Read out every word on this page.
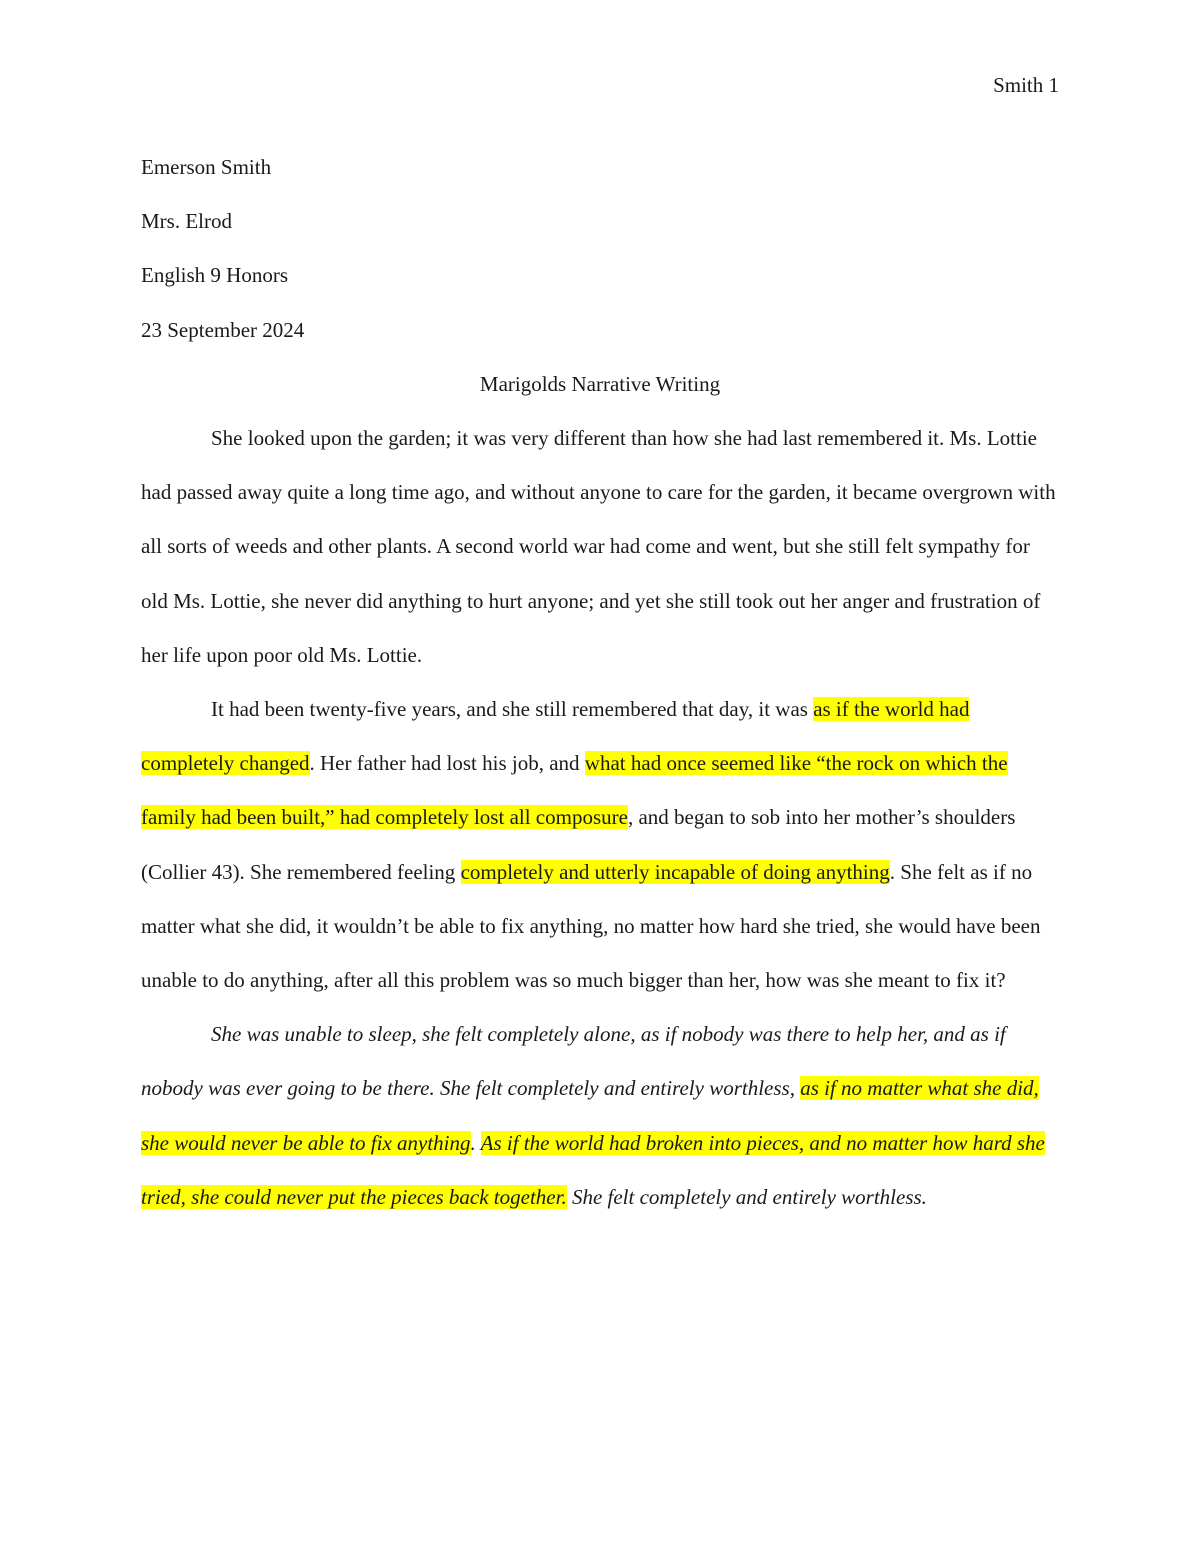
Smith 1

Emerson Smith

Mrs. Elrod

English 9 Honors

23 September 2024

Marigolds Narrative Writing

She looked upon the garden; it was very different than how she had last remembered it. Ms. Lottie had passed away quite a long time ago, and without anyone to care for the garden, it became overgrown with all sorts of weeds and other plants. A second world war had come and went, but she still felt sympathy for old Ms. Lottie, she never did anything to hurt anyone; and yet she still took out her anger and frustration of her life upon poor old Ms. Lottie.

It had been twenty-five years, and she still remembered that day, it was as if the world had completely changed. Her father had lost his job, and what had once seemed like “the rock on which the family had been built,” had completely lost all composure, and began to sob into her mother’s shoulders (Collier 43). She remembered feeling completely and utterly incapable of doing anything. She felt as if no matter what she did, it wouldn’t be able to fix anything, no matter how hard she tried, she would have been unable to do anything, after all this problem was so much bigger than her, how was she meant to fix it?

She was unable to sleep, she felt completely alone, as if nobody was there to help her, and as if nobody was ever going to be there. She felt completely and entirely worthless, as if no matter what she did, she would never be able to fix anything. As if the world had broken into pieces, and no matter how hard she tried, she could never put the pieces back together. She felt completely and entirely worthless.
